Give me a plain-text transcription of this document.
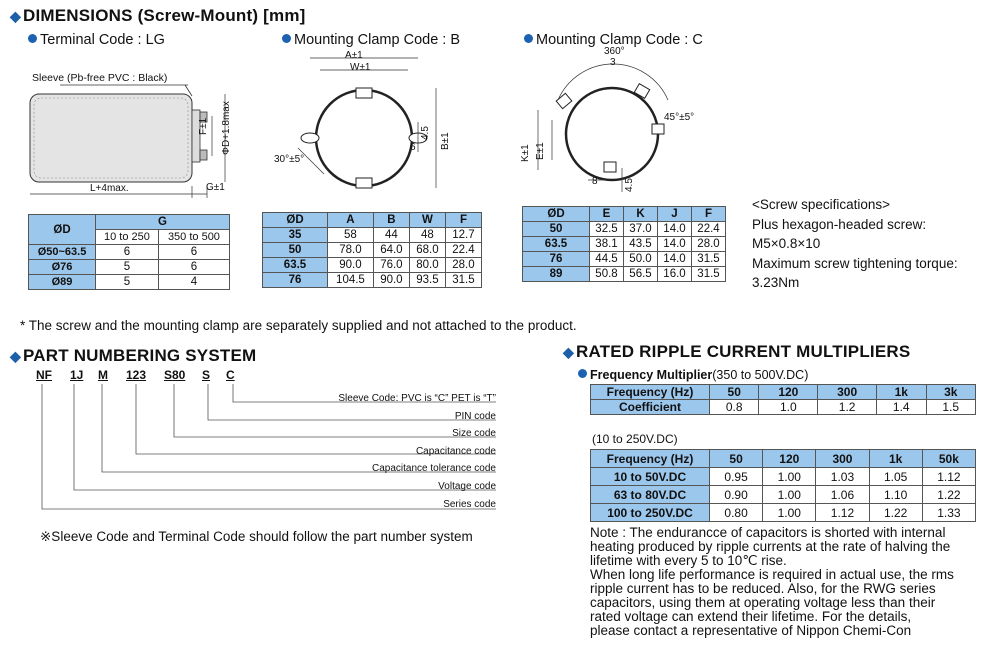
◆ DIMENSIONS (Screw-Mount) [mm]
Terminal Code : LG	Mounting Clamp Code : B	Mounting Clamp Code : C
Sleeve (Pb-free PVC : Black)
F±1 ΦD+1.8max
L+4max.	G±1
A±1
W±1
B±1
4.5
6
30°±5°
360°
3
45°±5°
K±1 E±1
8	4.5
ØD	G	
	10 to 250	350 to 500
Ø50~63.5	6	6
Ø76	5	6
Ø89	5	4
ØD	A	B	W	F
35	58	44	48	12.7
50	78.0	64.0	68.0	22.4
63.5	90.0	76.0	80.0	28.0
76	104.5	90.0	93.5	31.5
ØD	E	K	J	F
50	32.5	37.0	14.0	22.4
63.5	38.1	43.5	14.0	28.0
76	44.5	50.0	14.0	31.5
89	50.8	56.5	16.0	31.5
<Screw specifications>
Plus hexagon-headed screw:
M5×0.8×10
Maximum screw tightening torque:
3.23Nm
* The screw and the mounting clamp are separately supplied and not attached to the product.
◆ PART NUMBERING SYSTEM
NF 1J M 123 S80 S C
Sleeve Code: PVC is “C” PET is “T”
PIN code
Size code
Capacitance code
Capacitance tolerance code
Voltage code
Series code
※Sleeve Code and Terminal Code should follow the part number system
◆ RATED RIPPLE CURRENT MULTIPLIERS
Frequency Multiplier(350 to 500V.DC)
Frequency (Hz)	50	120	300	1k	3k
Coefficient	0.8	1.0	1.2	1.4	1.5
(10 to 250V.DC)
Frequency (Hz)	50	120	300	1k	50k
10 to 50V.DC	0.95	1.00	1.03	1.05	1.12
63 to 80V.DC	0.90	1.00	1.06	1.10	1.22
100 to 250V.DC	0.80	1.00	1.12	1.22	1.33
Note : The endurancce of capacitors is shorted with internal
heating produced by ripple currents at the rate of halving the
lifetime with every 5 to 10℃ rise.
When long life performance is required in actual use, the rms
ripple current has to be reduced. Also, for the RWG series
capacitors, using them at operating voltage less than their
rated voltage can extend their lifetime. For the details,
please contact a representative of Nippon Chemi-Con
